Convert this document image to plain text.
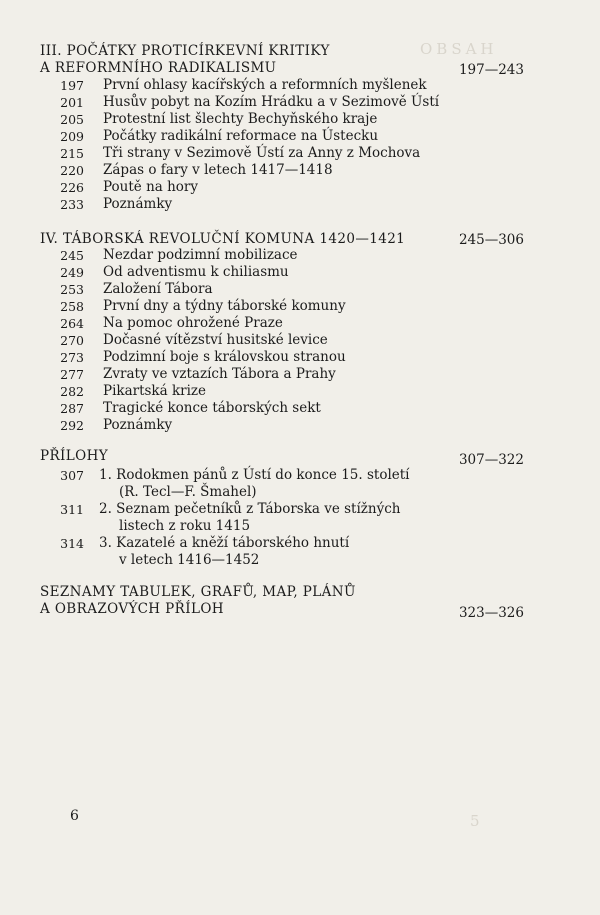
OBSAH
5
III. POČÁTKY PROTICÍRKEVNÍ KRITIKY
A REFORMNÍHO RADIKALISMU	197—243
197 První ohlasy kacířských a reformních myšlenek
201 Husův pobyt na Kozím Hrádku a v Sezimově Ústí
205 Protestní list šlechty Bechyňského kraje
209 Počátky radikální reformace na Ústecku
215 Tři strany v Sezimově Ústí za Anny z Mochova
220 Zápas o fary v letech 1417—1418
226 Poutě na hory
233 Poznámky
IV. TÁBORSKÁ REVOLUČNÍ KOMUNA 1420—1421	245—306
245 Nezdar podzimní mobilizace
249 Od adventismu k chiliasmu
253 Založení Tábora
258 První dny a týdny táborské komuny
264 Na pomoc ohrožené Praze
270 Dočasné vítězství husitské levice
273 Podzimní boje s královskou stranou
277 Zvraty ve vztazích Tábora a Prahy
282 Pikartská krize
287 Tragické konce táborských sekt
292 Poznámky
PŘÍLOHY	307—322
307 1. Rodokmen pánů z Ústí do konce 15. století
(R. Tecl—F. Šmahel)
311 2. Seznam pečetníků z Táborska ve stížných
listech z roku 1415
314 3. Kazatelé a kněží táborského hnutí
v letech 1416—1452
SEZNAMY TABULEK, GRAFŮ, MAP, PLÁNŮ
A OBRAZOVÝCH PŘÍLOH	323—326
6
